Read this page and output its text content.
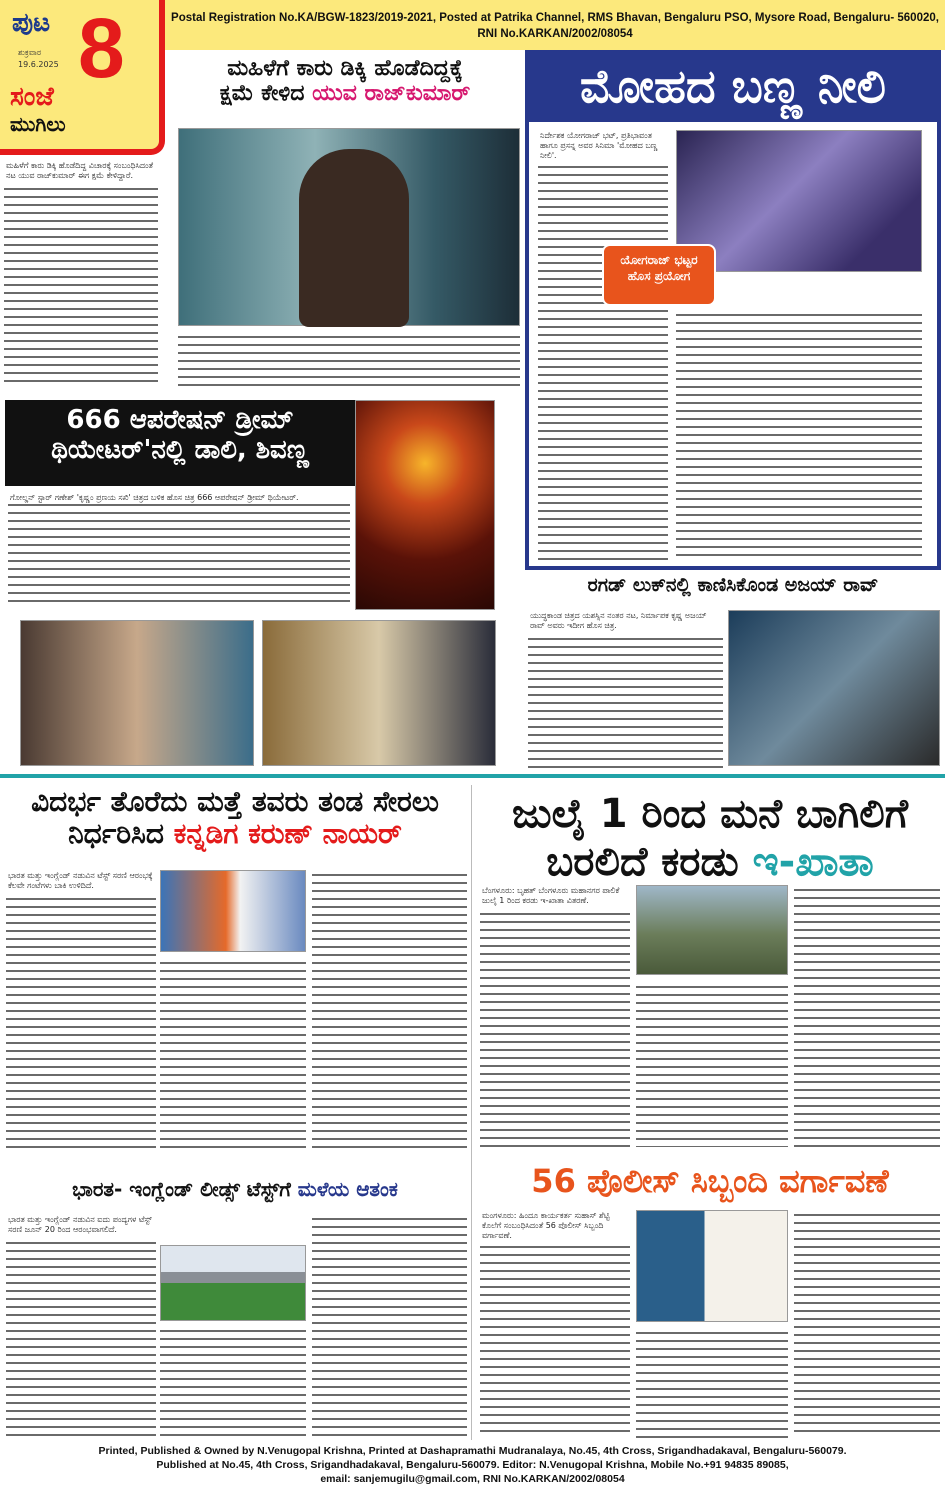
ಪುಟ 8
ಶುಕ್ರವಾರ
19.6.2025
ಸಂಜೆ
ಮುಗಿಲು
Postal Registration No.KA/BGW-1823/2019-2021, Posted at Patrika Channel, RMS Bhavan, Bengaluru PSO, Mysore Road, Bengaluru- 560020, RNI No.KARKAN/2002/08054
ಮಹಿಳೆಗೆ ಕಾರು ಡಿಕ್ಕಿ ಹೊಡೆದಿದ್ದಕ್ಕೆ
ಕ್ಷಮೆ ಕೇಳಿದ ಯುವ ರಾಜ್‌ಕುಮಾರ್
ಮಹಿಳೆಗೆ ಕಾರು ಡಿಕ್ಕಿ ಹೊಡೆದಿದ್ದ ವಿಚಾರಕ್ಕೆ ಸಂಬಂಧಿಸಿದಂತೆ ನಟ ಯುವ ರಾಜ್‌ಕುಮಾರ್ ಈಗ ಕ್ಷಮೆ ಕೇಳಿದ್ದಾರೆ.
ಮೋಹದ ಬಣ್ಣ ನೀಲಿ
ನಿರ್ದೇಶಕ ಯೋಗರಾಜ್ ಭಟ್, ಪ್ರತಿಭಾವಂತ ಹಾಗೂ ಪ್ರಸನ್ನ ಅವರ ಸಿನಿಮಾ 'ಮೋಹದ ಬಣ್ಣ ನೀಲಿ'.
ಯೋಗರಾಜ್ ಭಟ್ಟರ ಹೊಸ ಪ್ರಯೋಗ
666 ಆಪರೇಷನ್ ಡ್ರೀಮ್
ಥಿಯೇಟರ್'ನಲ್ಲಿ ಡಾಲಿ, ಶಿವಣ್ಣ
ಗೋಲ್ಡನ್ ಸ್ಟಾರ್ ಗಣೇಶ್ 'ಕೃಷ್ಣಂ ಪ್ರಣಯ ಸಖಿ' ಚಿತ್ರದ ಬಳಿಕ ಹೊಸ ಚಿತ್ರ 666 ಆಪರೇಷನ್ ಡ್ರೀಮ್ ಥಿಯೇಟರ್.
ರಗಡ್ ಲುಕ್‌ನಲ್ಲಿ ಕಾಣಿಸಿಕೊಂಡ ಅಜಯ್ ರಾವ್
ಯುದ್ಧಕಾಂಡ ಚಿತ್ರದ ಯಶಸ್ಸಿನ ನಂತರ ನಟ, ನಿರ್ಮಾಪಕ ಕೃಷ್ಣ ಅಜಯ್ ರಾವ್ ಅವರು ಇದೀಗ ಹೊಸ ಚಿತ್ರ.
ವಿದರ್ಭ ತೊರೆದು ಮತ್ತೆ ತವರು ತಂಡ ಸೇರಲು
ನಿರ್ಧರಿಸಿದ ಕನ್ನಡಿಗ ಕರುಣ್ ನಾಯರ್
ಭಾರತ ಮತ್ತು ಇಂಗ್ಲೆಂಡ್ ನಡುವಿನ ಟೆಸ್ಟ್ ಸರಣಿ ಆರಂಭಕ್ಕೆ ಕೆಲವೇ ಗಂಟೆಗಳು ಬಾಕಿ ಉಳಿದಿದೆ.
ಜುಲೈ 1 ರಿಂದ ಮನೆ ಬಾಗಿಲಿಗೆ
ಬರಲಿದೆ ಕರಡು ಇ-ಖಾತಾ
ಬೆಂಗಳೂರು: ಬೃಹತ್ ಬೆಂಗಳೂರು ಮಹಾನಗರ ಪಾಲಿಕೆ ಜುಲೈ 1 ರಿಂದ ಕರಡು ಇ-ಖಾತಾ ವಿತರಣೆ.
ಭಾರತ- ಇಂಗ್ಲೆಂಡ್ ಲೀಡ್ಸ್ ಟೆಸ್ಟ್‌ಗೆ ಮಳೆಯ ಆತಂಕ
ಭಾರತ ಮತ್ತು ಇಂಗ್ಲೆಂಡ್ ನಡುವಿನ ಐದು ಪಂದ್ಯಗಳ ಟೆಸ್ಟ್ ಸರಣಿ ಜೂನ್ 20 ರಿಂದ ಆರಂಭವಾಗಲಿದೆ.
56 ಪೊಲೀಸ್ ಸಿಬ್ಬಂದಿ ವರ್ಗಾವಣೆ
ಮಂಗಳೂರು: ಹಿಂದೂ ಕಾರ್ಯಕರ್ತ ಸುಹಾಸ್ ಶೆಟ್ಟಿ ಕೊಲೆಗೆ ಸಂಬಂಧಿಸಿದಂತೆ 56 ಪೊಲೀಸ್ ಸಿಬ್ಬಂದಿ ವರ್ಗಾವಣೆ.
Printed, Published & Owned by N.Venugopal Krishna, Printed at Dashapramathi Mudranalaya, No.45, 4th Cross, Srigandhadakaval, Bengaluru-560079.
Published at No.45, 4th Cross, Srigandhadakaval, Bengaluru-560079. Editor: N.Venugopal Krishna, Mobile No.+91 94835 89085,
email: sanjemugilu@gmail.com, RNI No.KARKAN/2002/08054
